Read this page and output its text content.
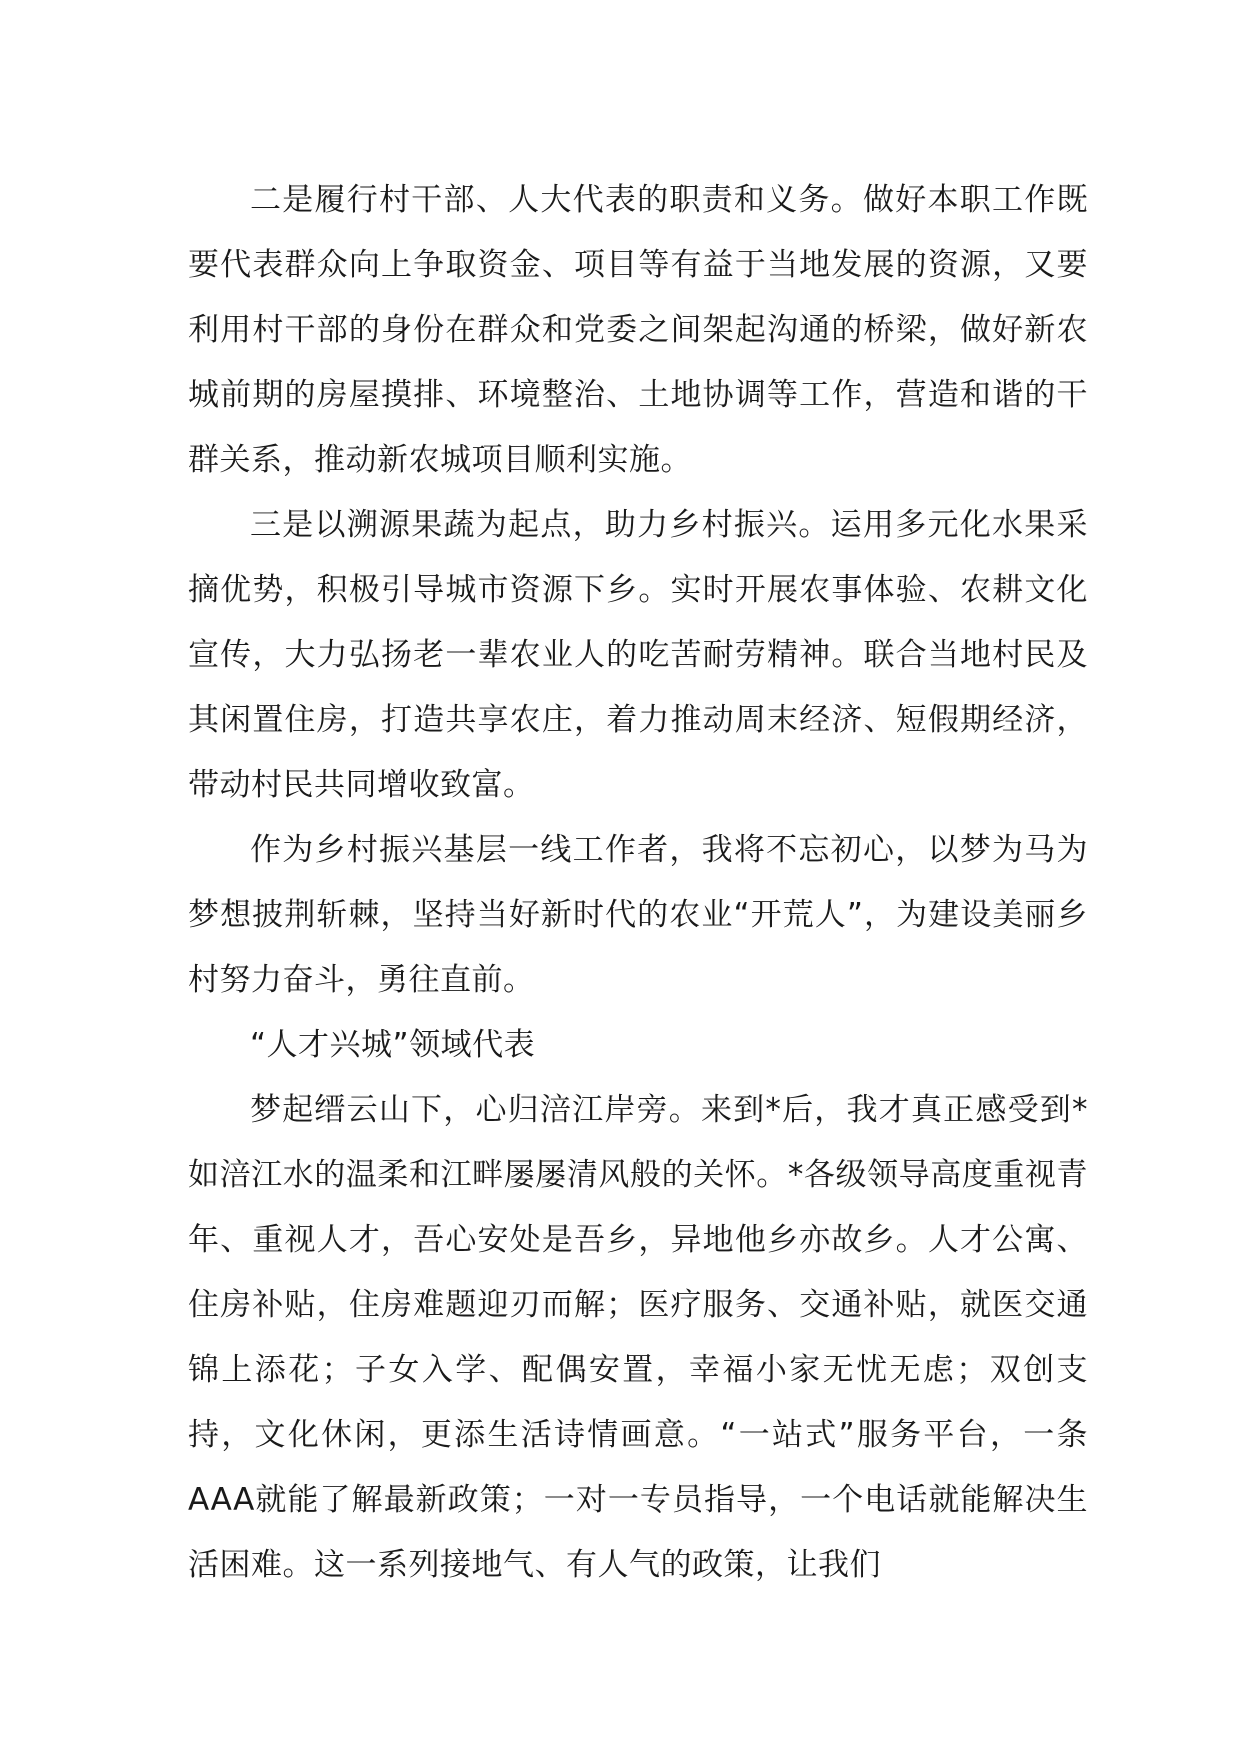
二是履行村干部、人大代表的职责和义务。做好本职工作既要代表群众向上争取资金、项目等有益于当地发展的资源，又要利用村干部的身份在群众和党委之间架起沟通的桥梁，做好新农城前期的房屋摸排、环境整治、土地协调等工作，营造和谐的干群关系，推动新农城项目顺利实施。

三是以溯源果蔬为起点，助力乡村振兴。运用多元化水果采摘优势，积极引导城市资源下乡。实时开展农事体验、农耕文化宣传，大力弘扬老一辈农业人的吃苦耐劳精神。联合当地村民及其闲置住房，打造共享农庄，着力推动周末经济、短假期经济，带动村民共同增收致富。

作为乡村振兴基层一线工作者，我将不忘初心，以梦为马为梦想披荆斩棘，坚持当好新时代的农业“开荒人”，为建设美丽乡村努力奋斗，勇往直前。

“人才兴城”领域代表

梦起缙云山下，心归涪江岸旁。来到*后，我才真正感受到*如涪江水的温柔和江畔屡屡清风般的关怀。*各级领导高度重视青年、重视人才，吾心安处是吾乡，异地他乡亦故乡。人才公寓、住房补贴，住房难题迎刃而解；医疗服务、交通补贴，就医交通锦上添花；子女入学、配偶安置，幸福小家无忧无虑；双创支持，文化休闲，更添生活诗情画意。“一站式”服务平台，一条AAA就能了解最新政策；一对一专员指导，一个电话就能解决生活困难。这一系列接地气、有人气的政策，让我们
